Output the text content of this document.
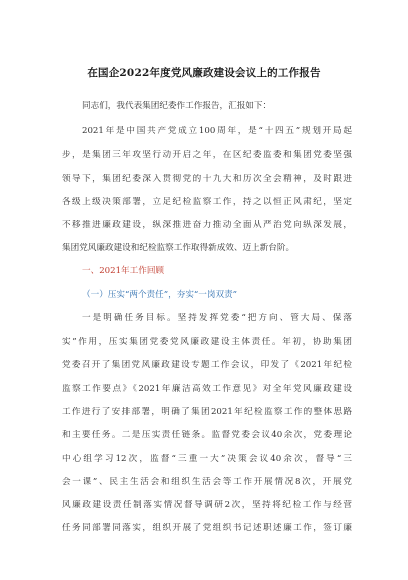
在国企2022年度党风廉政建设会议上的工作报告
同志们，我代表集团纪委作工作报告，汇报如下：
2021年是中国共产党成立100周年，是“十四五”规划开局起
步，是集团三年攻坚行动开启之年，在区纪委监委和集团党委坚强
领导下，集团纪委深入贯彻党的十九大和历次全会精神，及时跟进
各级上级决策部署，立足纪检监察工作，持之以恒正风肃纪，坚定
不移推进廉政建设，纵深推进奋力推动全面从严治党向纵深发展，
集团党风廉政建设和纪检监察工作取得新成效、迈上新台阶。
一、2021年工作回顾
（一）压实“两个责任”，夯实“一岗双责”
一是明确任务目标。坚持发挥党委“把方向、管大局、保落
实”作用，压实集团党委党风廉政建设主体责任。年初，协助集团
党委召开了集团党风廉政建设专题工作会议，印发了《2021年纪检
监察工作要点》《2021年廉洁高效工作意见》对全年党风廉政建设
工作进行了安排部署，明确了集团2021年纪检监察工作的整体思路
和主要任务。二是压实责任链条。监督党委会议40余次，党委理论
中心组学习12次，监督“三重一大”决策会议40余次，督导“三
会一课”、民主生活会和组织生活会等工作开展情况8次，开展党
风廉政建设责任制落实情况督导调研2次，坚持将纪检工作与经营
任务同部署同落实，组织开展了党组织书记述职述廉工作，签订廉
